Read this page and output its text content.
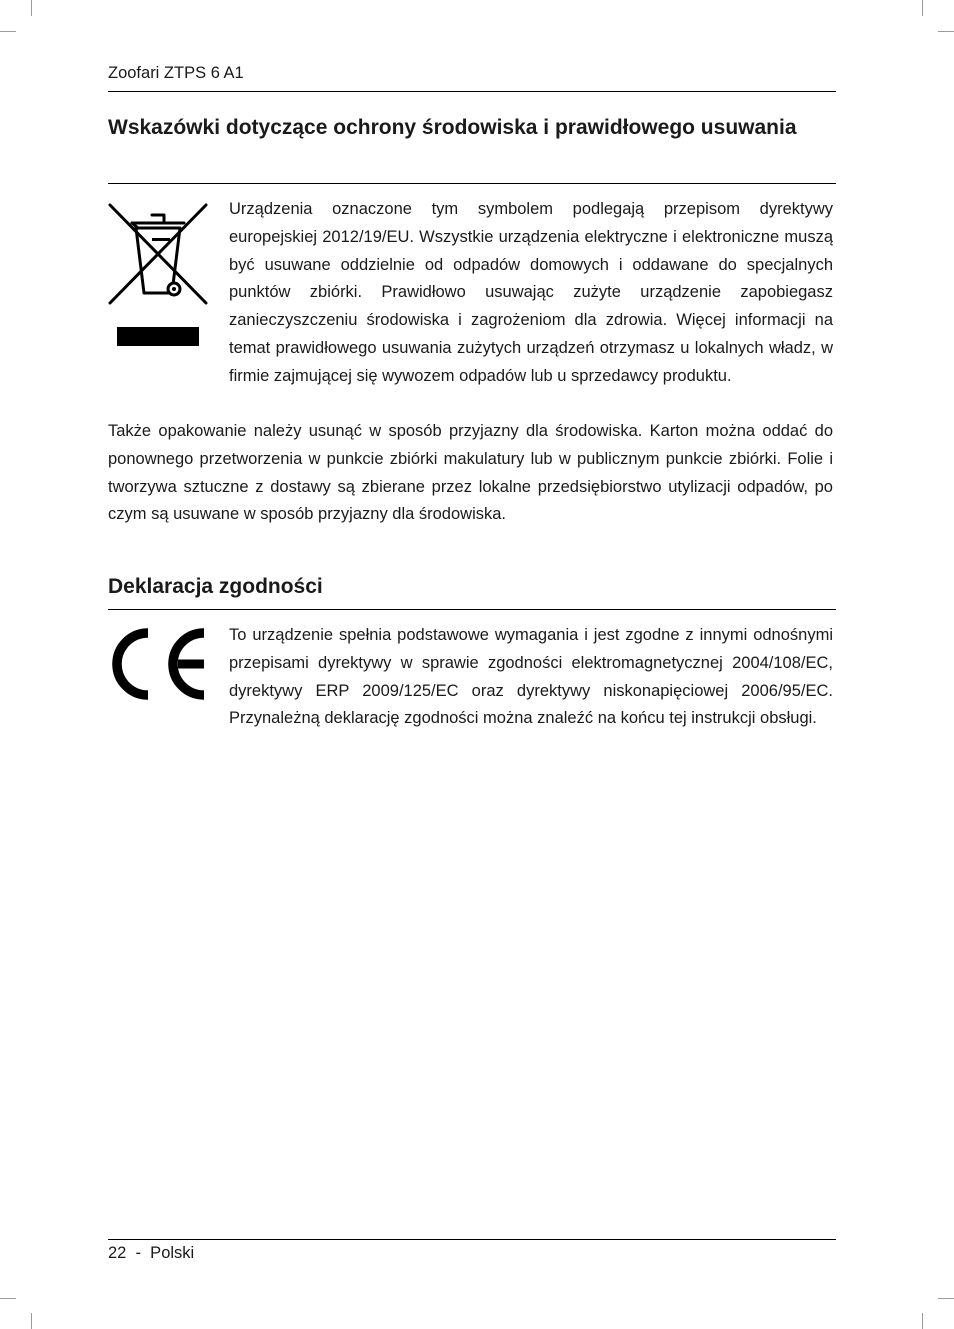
Zoofari ZTPS 6 A1
Wskazówki dotyczące ochrony środowiska i prawidłowego usuwania

Urządzenia oznaczone tym symbolem podlegają przepisom dyrektywy europejskiej 2012/19/EU. Wszystkie urządzenia elektryczne i elektroniczne muszą być usuwane oddzielnie od odpadów domowych i oddawane do specjalnych punktów zbiórki. Prawidłowo usuwając zużyte urządzenie zapobiegasz zanieczyszczeniu środowiska i zagrożeniom dla zdrowia. Więcej informacji na temat prawidłowego usuwania zużytych urządzeń otrzymasz u lokalnych władz, w firmie zajmującej się wywozem odpadów lub u sprzedawcy produktu.

Także opakowanie należy usunąć w sposób przyjazny dla środowiska. Karton można oddać do ponownego przetworzenia w punkcie zbiórki makulatury lub w publicznym punkcie zbiórki. Folie i tworzywa sztuczne z dostawy są zbierane przez lokalne przedsiębiorstwo utylizacji odpadów, po czym są usuwane w sposób przyjazny dla środowiska.

Deklaracja zgodności

To urządzenie spełnia podstawowe wymagania i jest zgodne z innymi odnośnymi przepisami dyrektywy w sprawie zgodności elektromagnetycznej 2004/108/EC, dyrektywy ERP 2009/125/EC oraz dyrektywy niskonapięciowej 2006/95/EC. Przynależną deklarację zgodności można znaleźć na końcu tej instrukcji obsługi.

22  -  Polski
